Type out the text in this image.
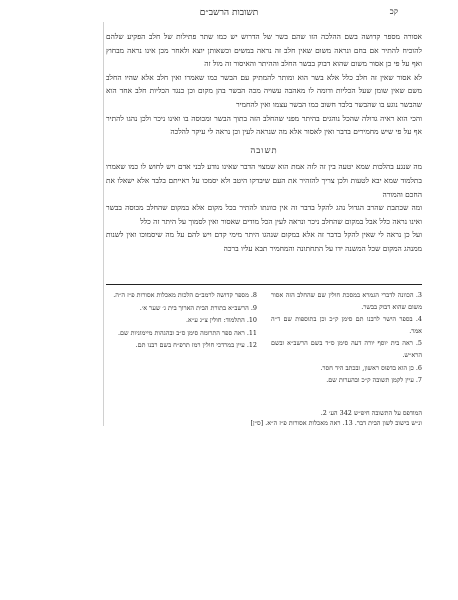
קכ
תשובות הרשב״ם

אסורה מספר קדושה בשם ההלכה הזו שהם בשר של הדרוש יש כמו שתר פתילות של חלב הפקיע שלהם להוכיח להתיר אם בחם ונראה משום שאין חלב זה נראה במשים וכשאותן יוצא ולאחר מכן אינו נראה מבחוץ ואף על פי כן אסור משום שהוא דבוק בבשר החלב וההיתר והאיסור זה מול זה

לא אסור שאין זה חלב כלל אלא בשר הוא ומותר להמתיק עם הבשר כמו שאמרו ואין חלב אלא שהיו החלב משם שאין שומן שעל הכליות ודומה לו מאהבה עשויה מכה הבשר בהן מקום וכן כנגד הכליות חלב אחד הוא שהבשר נוגע בו שהבשר בלבד חשוב כמו הבשר עצמו ואין להחמיר

והכי הוא ראיה גדולה שהכל נוהגים בהיתר מפני שהחלב הזה בתוך הבשר ומכוסה בו ואינו ניכר ולכן נהגו להתיר אף על פי שיש מחמירים בדבר ואין לאסור אלא מה שנראה לעין וכן נראה לי עיקר להלכה

תשובה

מה שנגע בהלכות שמא יטעה בין זה לזה אמת הוא שמצוי הדבר שאינו נודע לבני אדם ויש לחוש לו כמו שאמרו בתלמוד שמא יבא לטעות ולכן צריך להזהיר את העם שיבדקו היטב ולא יסמכו על ראייתם בלבד אלא ישאלו את החכם והמורה

ומה שכתבת שהרב הגדול נהג להקל בדבר זה אין כוונתו להתיר בכל מקום אלא במקום שהחלב מכוסה בבשר ואינו נראה כלל אבל במקום שהחלב ניכר ונראה לעין הכל מודים שאסור ואין לסמוך על היתר זה כלל

ועל כן נראה לי שאין להקל בדבר זה אלא במקום שנהגו היתר מימי קדם ויש להם על מה שיסמוכו ואין לשנות ממנהג המקום שכל המשנה ידו על התחתונה והמחמיר תבא עליו ברכה

3. הכוונה לדברי הגמרא במסכת חולין שם שהחלב הזה אסור משום שהוא דבוק בבשר.

4. בספר הישר לרבנו תם סימן ק״כ וכן בתוספות שם ד״ה אמר.

5. ראה בית יוסף יורה דעה סימן ס״ד בשם הרשב״א ובשם הרא״ש.

6. כן הוא בדפוס ראשון, ובכתב היד חסר.

7. עיין לקמן תשובה ק״כ ובהערות שם.

8. מספר קדושה לרמב״ם הלכות מאכלות אסורות פ״ז ה״ה.

9. הרשב״א בתורת הבית הארוך בית ג׳ שער א׳.

10. התלמוד: חולין צ״ג ע״א.

11. ראה ספר התרומה סימן ס״ב ובהגהות מיימוניות שם.

12. עיין במרדכי חולין רמז תרפ״ח בשם רבנו תם.

המודפס על התשובה חיפ״ש 342 הע׳ 2.

ונ״ש בישוב לשון הבית דבר. 13. ראה מאכלות אסורות פ״ז ה״א. [ס״ן]
